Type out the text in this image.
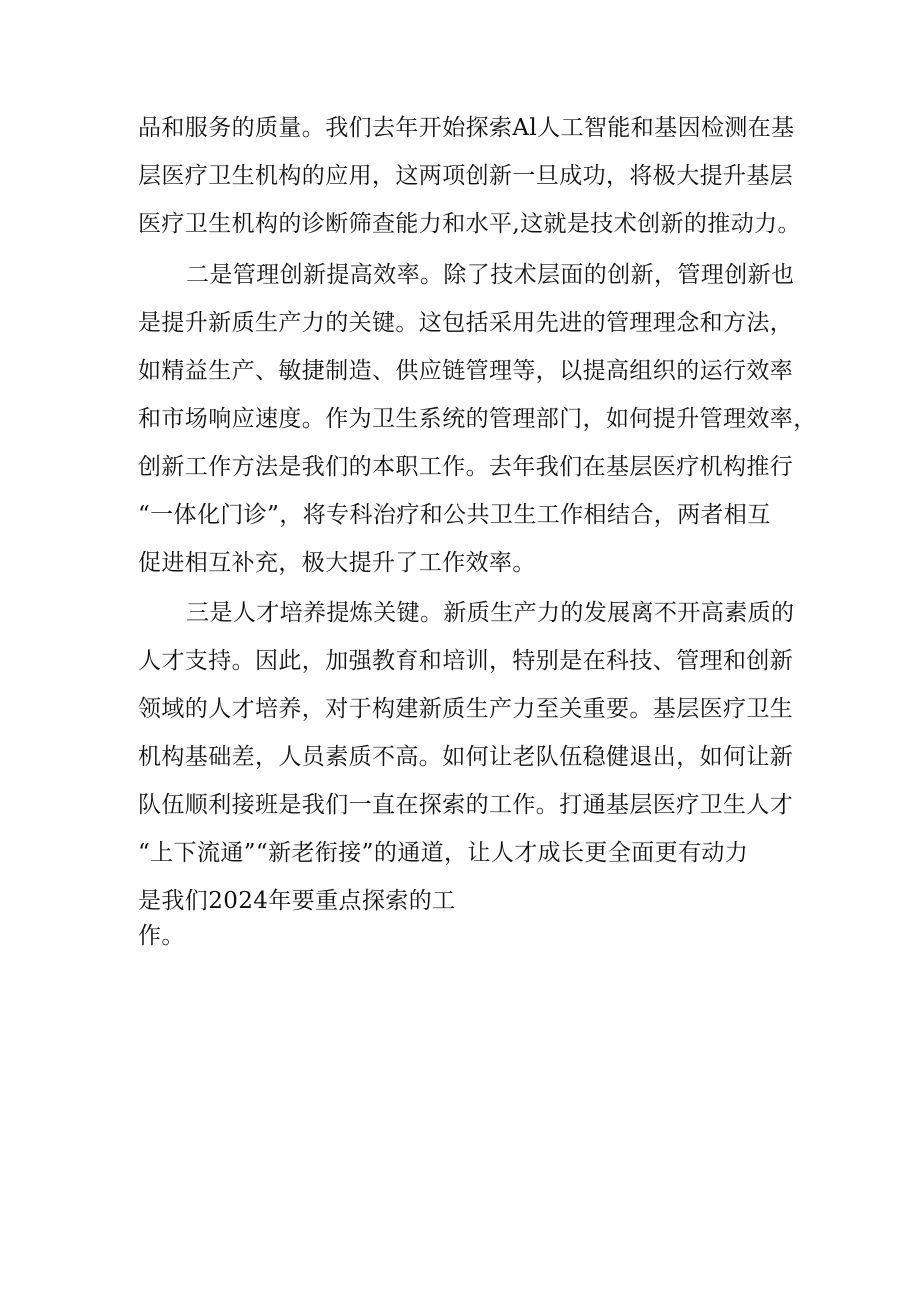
品和服务的质量。我们去年开始探索Al人工智能和基因检测在基
层医疗卫生机构的应用，这两项创新一旦成功，将极大提升基层
医疗卫生机构的诊断筛查能力和水平,这就是技术创新的推动力。
二是管理创新提高效率。除了技术层面的创新，管理创新也
是提升新质生产力的关键。这包括采用先进的管理理念和方法，
如精益生产、敏捷制造、供应链管理等，以提高组织的运行效率
和市场响应速度。作为卫生系统的管理部门，如何提升管理效率，
创新工作方法是我们的本职工作。去年我们在基层医疗机构推行
“一体化门诊”，将专科治疗和公共卫生工作相结合，两者相互
促进相互补充，极大提升了工作效率。
三是人才培养提炼关键。新质生产力的发展离不开高素质的
人才支持。因此，加强教育和培训，特别是在科技、管理和创新
领域的人才培养，对于构建新质生产力至关重要。基层医疗卫生
机构基础差，人员素质不高。如何让老队伍稳健退出，如何让新
队伍顺利接班是我们一直在探索的工作。打通基层医疗卫生人才
“上下流通”“新老衔接”的通道，让人才成长更全面更有动力
是我们2024年要重点探索的工
作。
